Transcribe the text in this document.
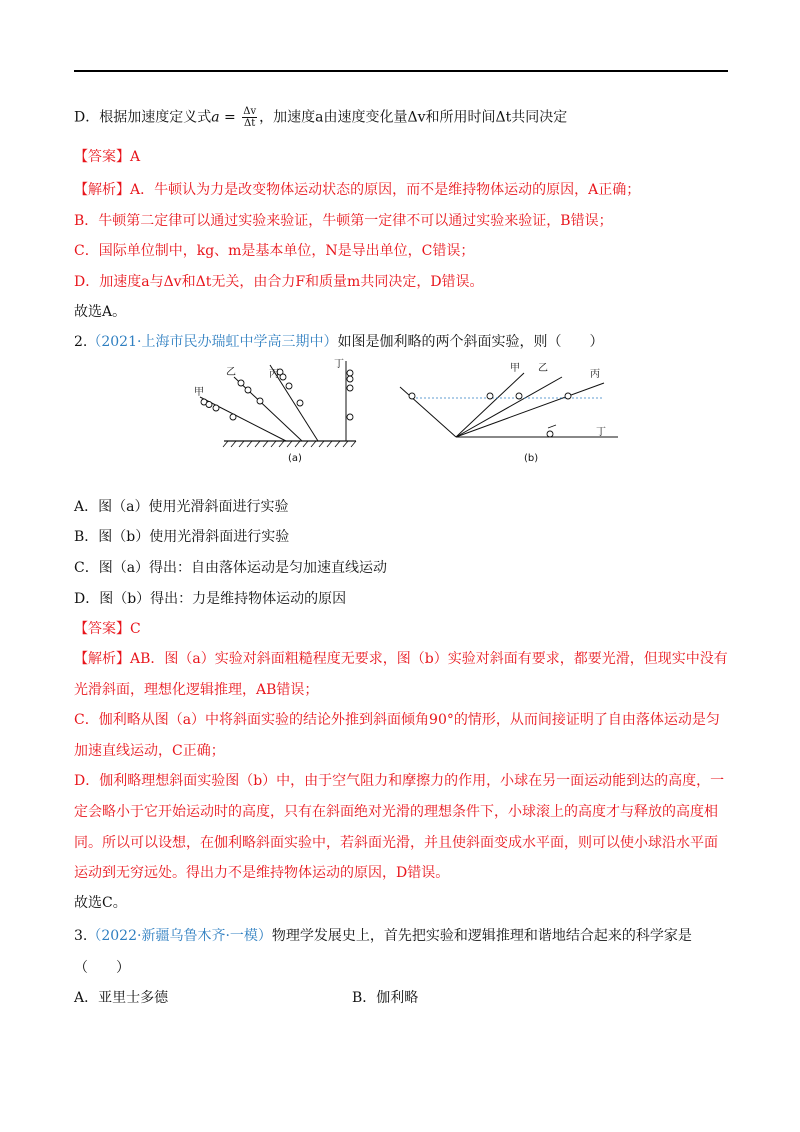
D．根据加速度定义式$a = \frac{\Delta v}{\Delta t}$ ，加速度a由速度变化量Δv和所用时间Δt共同决定
【答案】A
【解析】A．牛顿认为力是改变物体运动状态的原因，而不是维持物体运动的原因，A正确；
B．牛顿第二定律可以通过实验来验证，牛顿第一定律不可以通过实验来验证，B错误；
C．国际单位制中，kg、m是基本单位，N是导出单位，C错误；
D．加速度a与Δv和Δt无关，由合力F和质量m共同决定，D错误。
故选A。
2.（2021·上海市民办瑞虹中学高三期中）如图是伽利略的两个斜面实验，则（　　）
甲
乙	丙
丁
(a)
甲 乙
丙
丁
(b)
A．图（a）使用光滑斜面进行实验
B．图（b）使用光滑斜面进行实验
C．图（a）得出：自由落体运动是匀加速直线运动
D．图（b）得出：力是维持物体运动的原因
【答案】C
【解析】AB．图（a）实验对斜面粗糙程度无要求，图（b）实验对斜面有要求，都要光滑，但现实中没有
光滑斜面，理想化逻辑推理，AB错误；
C．伽利略从图（a）中将斜面实验的结论外推到斜面倾角90°的情形，从而间接证明了自由落体运动是匀
加速直线运动，C正确；
D．伽利略理想斜面实验图（b）中，由于空气阻力和摩擦力的作用，小球在另一面运动能到达的高度，一
定会略小于它开始运动时的高度，只有在斜面绝对光滑的理想条件下，小球滚上的高度才与释放的高度相
同。所以可以设想，在伽利略斜面实验中，若斜面光滑，并且使斜面变成水平面，则可以使小球沿水平面
运动到无穷远处。得出力不是维持物体运动的原因，D错误。
故选C。
3.（2022·新疆乌鲁木齐·一模）物理学发展史上，首先把实验和逻辑推理和谐地结合起来的科学家是
（　　）
A．亚里士多德	B．伽利略
